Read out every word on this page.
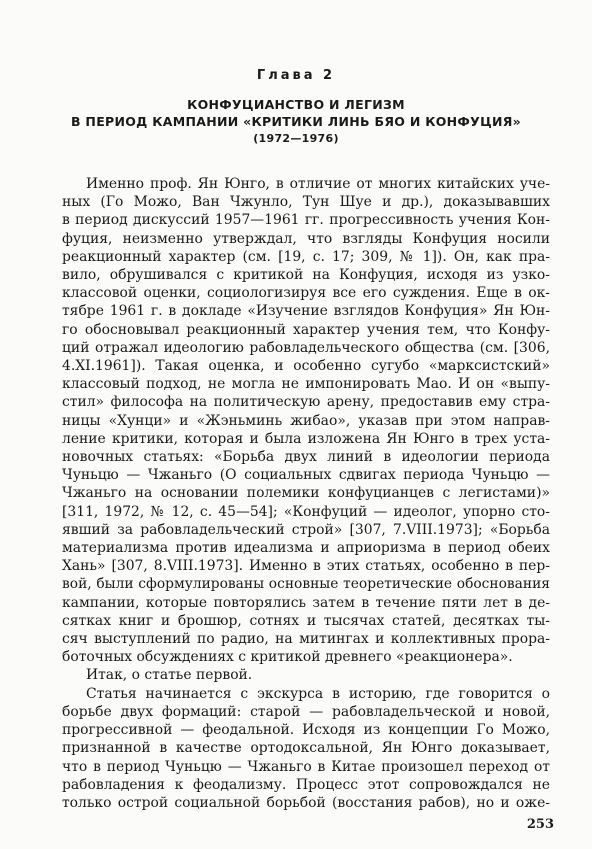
Глава 2
КОНФУЦИАНСТВО И ЛЕГИЗМ
В ПЕРИОД КАМПАНИИ «КРИТИКИ ЛИНЬ БЯО И КОНФУЦИЯ»
(1972—1976)
Именно проф. Ян Юнго, в отличие от многих китайских уче-
ных (Го Можо, Ван Чжунло, Тун Шуе и др.), доказывавших
в период дискуссий 1957—1961 гг. прогрессивность учения Кон-
фуция, неизменно утверждал, что взгляды Конфуция носили
реакционный характер (см. [19, с. 17; 309, № 1]). Он, как пра-
вило, обрушивался с критикой на Конфуция, исходя из узко-
классовой оценки, социологизируя все его суждения. Еще в ок-
тябре 1961 г. в докладе «Изучение взглядов Конфуция» Ян Юн-
го обосновывал реакционный характер учения тем, что Конфу-
ций отражал идеологию рабовладельческого общества (см. [306,
4.XI.1961]). Такая оценка, и особенно сугубо «марксистский»
классовый подход, не могла не импонировать Мао. И он «выпу-
стил» философа на политическую арену, предоставив ему стра-
ницы «Хунци» и «Жэньминь жибао», указав при этом направ-
ление критики, которая и была изложена Ян Юнго в трех уста-
новочных статьях: «Борьба двух линий в идеологии периода
Чуньцю — Чжаньго (О социальных сдвигах периода Чуньцю —
Чжаньго на основании полемики конфуцианцев с легистами)»
[311, 1972, № 12, с. 45—54]; «Конфуций — идеолог, упорно сто-
явший за рабовладельческий строй» [307, 7.VIII.1973]; «Борьба
материализма против идеализма и априоризма в период обеих
Хань» [307, 8.VIII.1973]. Именно в этих статьях, особенно в пер-
вой, были сформулированы основные теоретические обоснования
кампании, которые повторялись затем в течение пяти лет в де-
сятках книг и брошюр, сотнях и тысячах статей, десятках ты-
сяч выступлений по радио, на митингах и коллективных прора-
боточных обсуждениях с критикой древнего «реакционера».
Итак, о статье первой.
Статья начинается с экскурса в историю, где говорится о
борьбе двух формаций: старой — рабовладельческой и новой,
прогрессивной — феодальной. Исходя из концепции Го Можо,
признанной в качестве ортодоксальной, Ян Юнго доказывает,
что в период Чуньцю — Чжаньго в Китае произошел переход от
рабовладения к феодализму. Процесс этот сопровождался не
только острой социальной борьбой (восстания рабов), но и оже-
253
